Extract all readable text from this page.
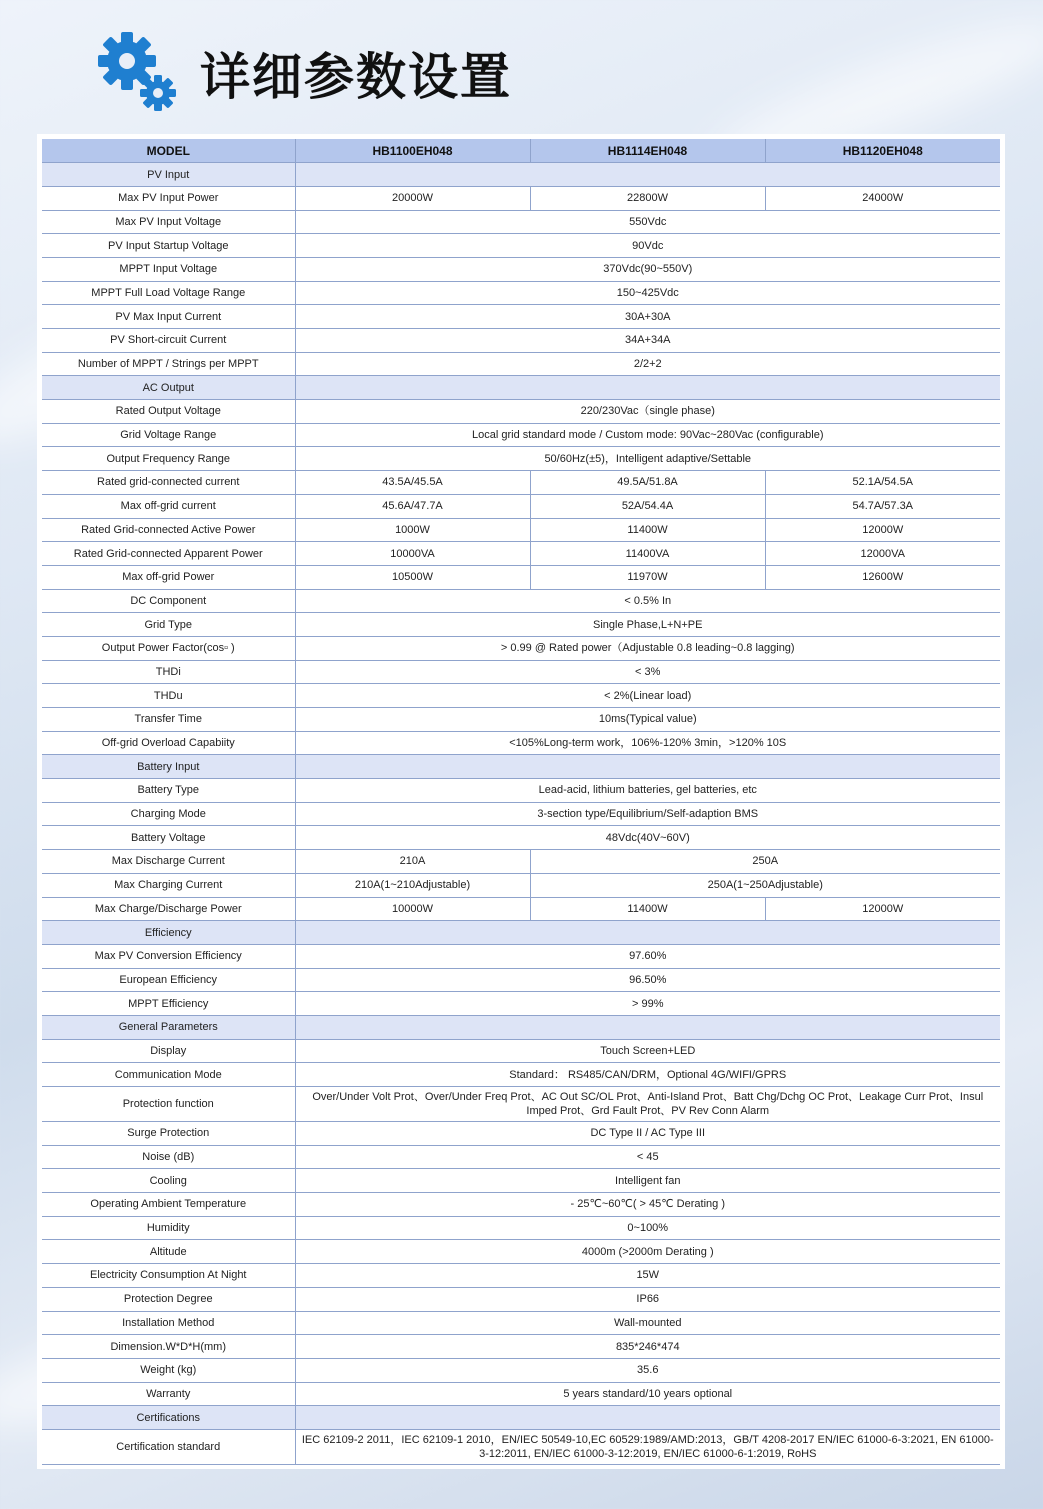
详细参数设置
MODEL	HB1100EH048	HB1114EH048	HB1120EH048
PV Input			
Max PV Input Power	20000W	22800W	24000W
Max PV Input Voltage	550Vdc		
PV Input Startup Voltage	90Vdc		
MPPT Input Voltage	370Vdc(90~550V)		
MPPT Full Load Voltage Range	150~425Vdc		
PV Max Input Current	30A+30A		
PV Short-circuit Current	34A+34A		
Number of MPPT / Strings per MPPT	2/2+2		
AC Output			
Rated Output Voltage	220/230Vac（single phase)		
Grid Voltage Range	Local grid standard mode / Custom mode: 90Vac~280Vac (configurable)		
Output Frequency Range	50/60Hz(±5)，Intelligent adaptive/Settable		
Rated grid-connected current	43.5A/45.5A	49.5A/51.8A	52.1A/54.5A
Max off-grid current	45.6A/47.7A	52A/54.4A	54.7A/57.3A
Rated Grid-connected Active Power	1000W	11400W	12000W
Rated Grid-connected Apparent Power	10000VA	11400VA	12000VA
Max off-grid Power	10500W	11970W	12600W
DC Component	< 0.5% In		
Grid Type	Single Phase,L+N+PE		
Output Power Factor(cos▫ )	> 0.99 @ Rated power（Adjustable 0.8 leading~0.8 lagging)		
THDi	< 3%		
THDu	< 2%(Linear load)		
Transfer Time	10ms(Typical value)		
Off-grid Overload Capabiity	<105%Long-term work，106%-120% 3min，>120% 10S		
Battery Input			
Battery Type	Lead-acid, lithium batteries, gel batteries, etc		
Charging Mode	3-section type/Equilibrium/Self-adaption BMS		
Battery Voltage	48Vdc(40V~60V)		
Max Discharge Current	210A	250A	
Max Charging Current	210A(1~210Adjustable)	250A(1~250Adjustable)	
Max Charge/Discharge Power	10000W	11400W	12000W
Efficiency			
Max PV Conversion Efficiency	97.60%		
European Efficiency	96.50%		
MPPT Efficiency	> 99%		
General Parameters			
Display	Touch Screen+LED		
Communication Mode	Standard： RS485/CAN/DRM，Optional 4G/WIFI/GPRS		
Protection function	Over/Under Volt Prot、Over/Under Freq Prot、AC Out SC/OL Prot、Anti-Island Prot、Batt Chg/Dchg OC Prot、Leakage Curr Prot、Insul Imped Prot、Grd Fault Prot、PV Rev Conn Alarm		
Surge Protection	DC Type II / AC Type III		
Noise (dB)	< 45		
Cooling	Intelligent fan		
Operating Ambient Temperature	- 25℃~60℃( > 45℃ Derating )		
Humidity	0~100%		
Altitude	4000m (>2000m Derating )		
Electricity Consumption At Night	15W		
Protection Degree	IP66		
Installation Method	Wall-mounted		
Dimension.W*D*H(mm)	835*246*474		
Weight (kg)	35.6		
Warranty	5 years standard/10 years optional		
Certifications			
Certification standard	IEC 62109-2 2011，IEC 62109-1 2010，EN/IEC 50549-10,EC 60529:1989/AMD:2013，GB/T 4208-2017 EN/IEC 61000-6-3:2021, EN 61000-3-12:2011, EN/IEC 61000-3-12:2019, EN/IEC 61000-6-1:2019, RoHS		
